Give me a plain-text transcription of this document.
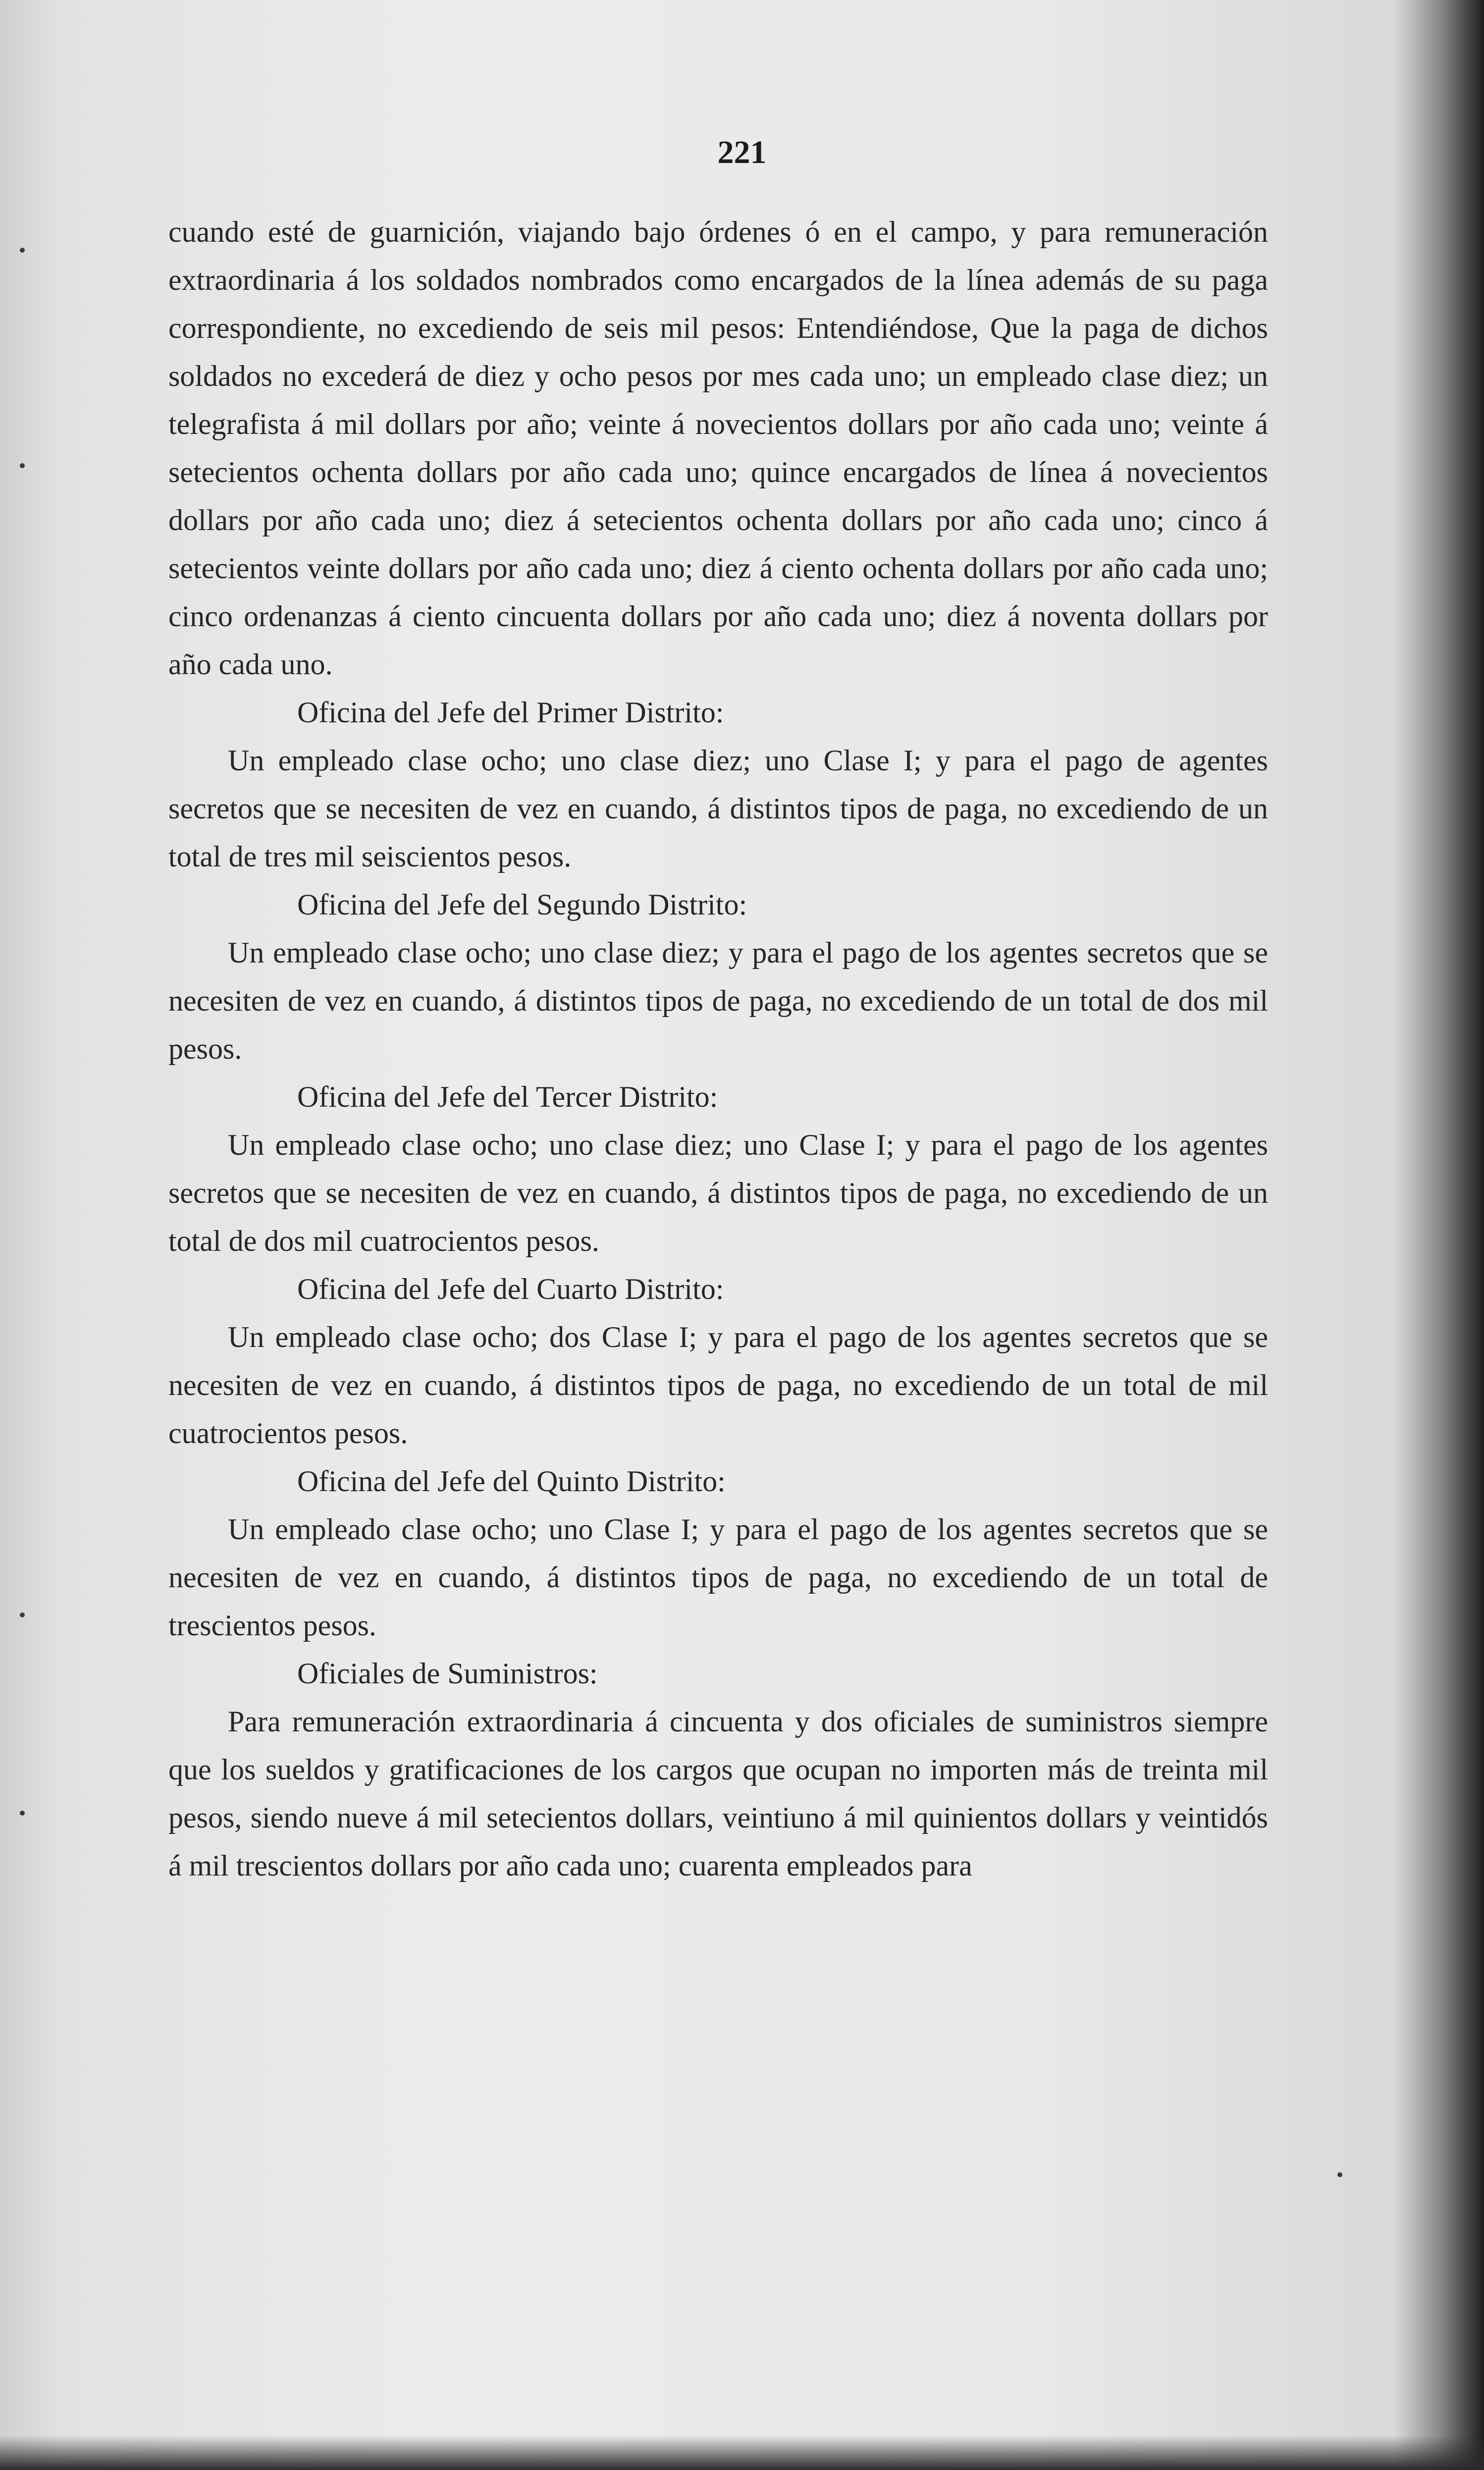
221

cuando esté de guarnición, viajando bajo órdenes ó en el campo, y para remuneración extraordinaria á los soldados nombrados como encargados de la línea además de su paga correspondiente, no excediendo de seis mil pesos: Entendiéndose, Que la paga de dichos soldados no excederá de diez y ocho pesos por mes cada uno; un empleado clase diez; un telegrafista á mil dollars por año; veinte á novecientos dollars por año cada uno; veinte á setecientos ochenta dollars por año cada uno; quince encargados de línea á novecientos dollars por año cada uno; diez á setecientos ochenta dollars por año cada uno; cinco á setecientos veinte dollars por año cada uno; diez á ciento ochenta dollars por año cada uno; cinco ordenanzas á ciento cincuenta dollars por año cada uno; diez á noventa dollars por año cada uno.

Oficina del Jefe del Primer Distrito:

Un empleado clase ocho; uno clase diez; uno Clase I; y para el pago de agentes secretos que se necesiten de vez en cuando, á distintos tipos de paga, no excediendo de un total de tres mil seiscientos pesos.

Oficina del Jefe del Segundo Distrito:

Un empleado clase ocho; uno clase diez; y para el pago de los agentes secretos que se necesiten de vez en cuando, á distintos tipos de paga, no excediendo de un total de dos mil pesos.

Oficina del Jefe del Tercer Distrito:

Un empleado clase ocho; uno clase diez; uno Clase I; y para el pago de los agentes secretos que se necesiten de vez en cuando, á distintos tipos de paga, no excediendo de un total de dos mil cuatrocientos pesos.

Oficina del Jefe del Cuarto Distrito:

Un empleado clase ocho; dos Clase I; y para el pago de los agentes secretos que se necesiten de vez en cuando, á distintos tipos de paga, no excediendo de un total de mil cuatrocientos pesos.

Oficina del Jefe del Quinto Distrito:

Un empleado clase ocho; uno Clase I; y para el pago de los agentes secretos que se necesiten de vez en cuando, á distintos tipos de paga, no excediendo de un total de trescientos pesos.

Oficiales de Suministros:

Para remuneración extraordinaria á cincuenta y dos oficiales de suministros siempre que los sueldos y gratificaciones de los cargos que ocupan no importen más de treinta mil pesos, siendo nueve á mil setecientos dollars, veintiuno á mil quinientos dollars y veintidós á mil trescientos dollars por año cada uno; cuarenta empleados para
